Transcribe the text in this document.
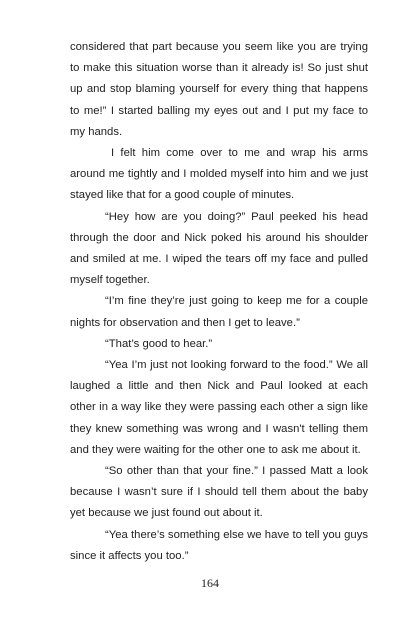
considered that part because you seem like you are trying to make this situation worse than it already is! So just shut up and stop blaming yourself for every thing that happens to me!” I started balling my eyes out and I put my face to my hands.

I felt him come over to me and wrap his arms around me tightly and I molded myself into him and we just stayed like that for a good couple of minutes.

“Hey how are you doing?” Paul peeked his head through the door and Nick poked his around his shoulder and smiled at me. I wiped the tears off my face and pulled myself together.

“I’m fine they’re just going to keep me for a couple nights for observation and then I get to leave.”

“That’s good to hear.”

“Yea I’m just not looking forward to the food.” We all laughed a little and then Nick and Paul looked at each other in a way like they were passing each other a sign like they knew something was wrong and I wasn't telling them and they were waiting for the other one to ask me about it.

“So other than that your fine.” I passed Matt a look because I wasn’t sure if I should tell them about the baby yet because we just found out about it.

“Yea there’s something else we have to tell you guys since it affects you too.”

164
